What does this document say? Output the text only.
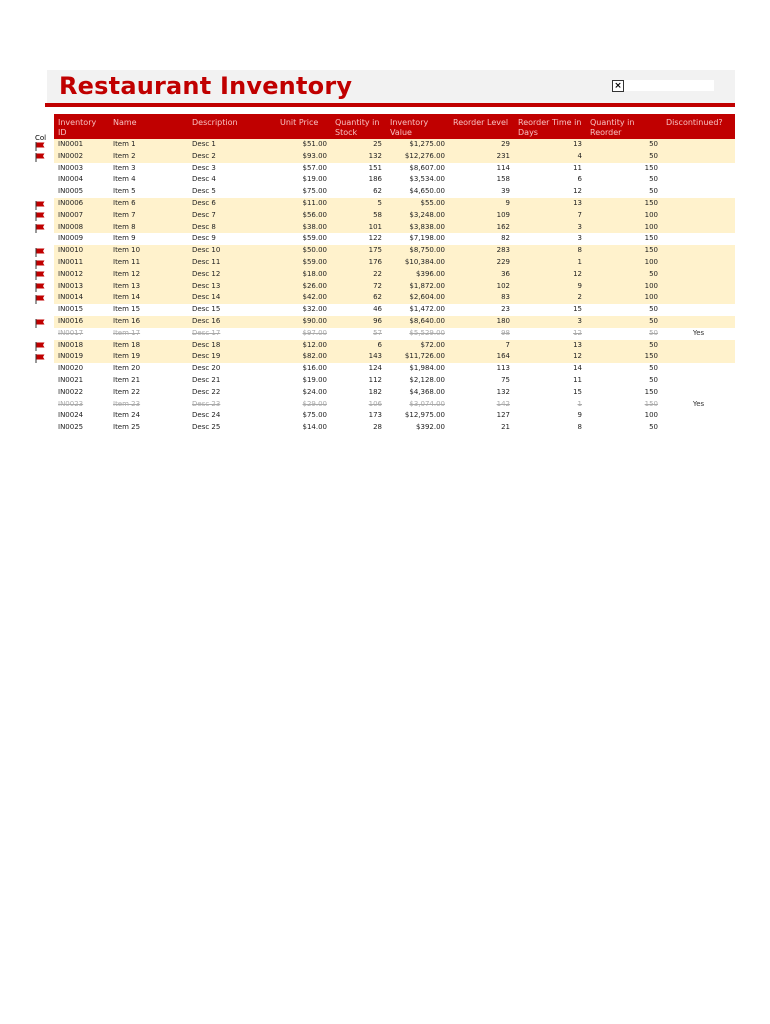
Restaurant Inventory	×
Col
Inventory ID	Name	Description	Unit Price	Quantity in Stock	Inventory Value	Reorder Level	Reorder Time in Days	Quantity in Reorder	Discontinued?
IN0001	Item 1	Desc 1	$51.00	25	$1,275.00	29	13	50	
IN0002	Item 2	Desc 2	$93.00	132	$12,276.00	231	4	50	
IN0003	Item 3	Desc 3	$57.00	151	$8,607.00	114	11	150	
IN0004	Item 4	Desc 4	$19.00	186	$3,534.00	158	6	50	
IN0005	Item 5	Desc 5	$75.00	62	$4,650.00	39	12	50	
IN0006	Item 6	Desc 6	$11.00	5	$55.00	9	13	150	
IN0007	Item 7	Desc 7	$56.00	58	$3,248.00	109	7	100	
IN0008	Item 8	Desc 8	$38.00	101	$3,838.00	162	3	100	
IN0009	Item 9	Desc 9	$59.00	122	$7,198.00	82	3	150	
IN0010	Item 10	Desc 10	$50.00	175	$8,750.00	283	8	150	
IN0011	Item 11	Desc 11	$59.00	176	$10,384.00	229	1	100	
IN0012	Item 12	Desc 12	$18.00	22	$396.00	36	12	50	
IN0013	Item 13	Desc 13	$26.00	72	$1,872.00	102	9	100	
IN0014	Item 14	Desc 14	$42.00	62	$2,604.00	83	2	100	
IN0015	Item 15	Desc 15	$32.00	46	$1,472.00	23	15	50	
IN0016	Item 16	Desc 16	$90.00	96	$8,640.00	180	3	50	
IN0017	Item 17	Desc 17	$97.00	57	$5,529.00	98	12	50	Yes
IN0018	Item 18	Desc 18	$12.00	6	$72.00	7	13	50	
IN0019	Item 19	Desc 19	$82.00	143	$11,726.00	164	12	150	
IN0020	Item 20	Desc 20	$16.00	124	$1,984.00	113	14	50	
IN0021	Item 21	Desc 21	$19.00	112	$2,128.00	75	11	50	
IN0022	Item 22	Desc 22	$24.00	182	$4,368.00	132	15	150	
IN0023	Item 23	Desc 23	$29.00	106	$3,074.00	142	1	150	Yes
IN0024	Item 24	Desc 24	$75.00	173	$12,975.00	127	9	100	
IN0025	Item 25	Desc 25	$14.00	28	$392.00	21	8	50	
